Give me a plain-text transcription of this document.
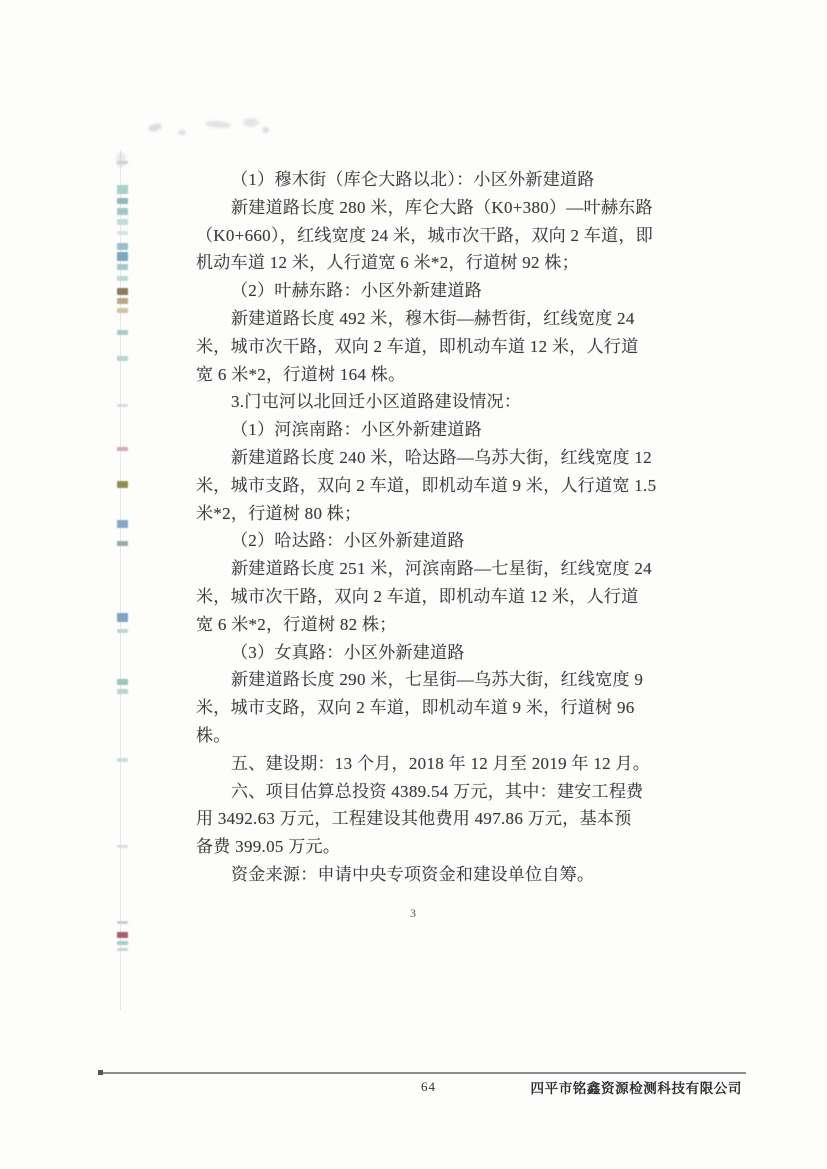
（1）穆木街（库仑大路以北）：小区外新建道路
新建道路长度 280 米，库仑大路（K0+380）—叶赫东路
（K0+660），红线宽度 24 米，城市次干路，双向 2 车道，即
机动车道 12 米，人行道宽 6 米*2，行道树 92 株；
（2）叶赫东路：小区外新建道路
新建道路长度 492 米，穆木街—赫哲街，红线宽度 24
米，城市次干路，双向 2 车道，即机动车道 12 米，人行道
宽 6 米*2，行道树 164 株。
3.门屯河以北回迁小区道路建设情况：
（1）河滨南路：小区外新建道路
新建道路长度 240 米，哈达路—乌苏大街，红线宽度 12
米，城市支路，双向 2 车道，即机动车道 9 米，人行道宽 1.5
米*2，行道树 80 株；
（2）哈达路：小区外新建道路
新建道路长度 251 米，河滨南路—七星街，红线宽度 24
米，城市次干路，双向 2 车道，即机动车道 12 米，人行道
宽 6 米*2，行道树 82 株；
（3）女真路：小区外新建道路
新建道路长度 290 米，七星街—乌苏大街，红线宽度 9
米，城市支路，双向 2 车道，即机动车道 9 米，行道树 96
株。
五、建设期：13 个月，2018 年 12 月至 2019 年 12 月。
六、项目估算总投资 4389.54 万元，其中：建安工程费
用 3492.63 万元，工程建设其他费用 497.86 万元，基本预
备费 399.05 万元。
资金来源：申请中央专项资金和建设单位自筹。
3
64	四平市铭鑫资源检测科技有限公司
